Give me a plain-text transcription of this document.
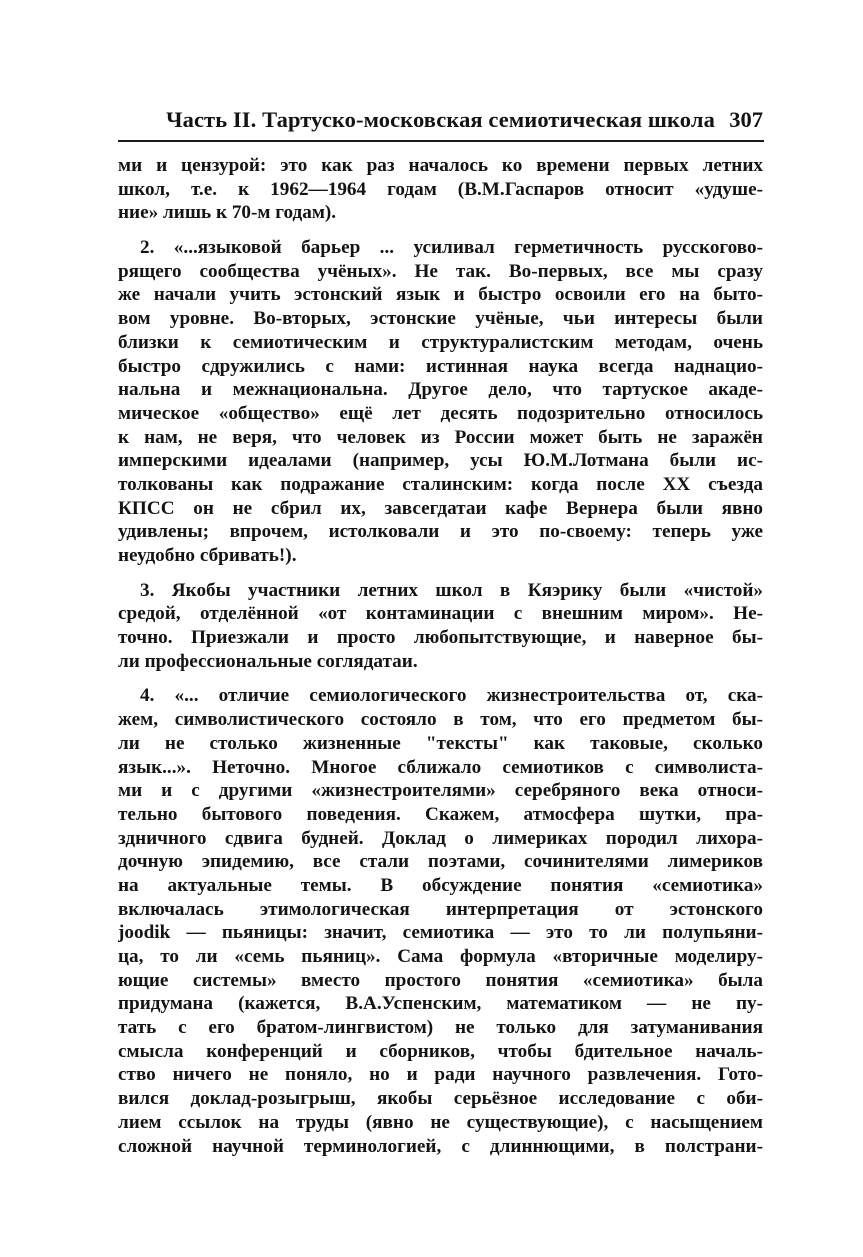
Часть II. Тартуско-московская семиотическая школа 307
ми и цензурой: это как раз началось ко времени первых летних
школ, т.е. к 1962—1964 годам (В.М.Гаспаров относит «удуше-
ние» лишь к 70-м годам).
2. «...языковой барьер ... усиливал герметичность русскогово-
рящего сообщества учёных». Не так. Во-первых, все мы сразу
же начали учить эстонский язык и быстро освоили его на быто-
вом уровне. Во-вторых, эстонские учёные, чьи интересы были
близки к семиотическим и структуралистским методам, очень
быстро сдружились с нами: истинная наука всегда наднацио-
нальна и межнациональна. Другое дело, что тартуское акаде-
мическое «общество» ещё лет десять подозрительно относилось
к нам, не веря, что человек из России может быть не заражён
имперскими идеалами (например, усы Ю.М.Лотмана были ис-
толкованы как подражание сталинским: когда после XX съезда
КПСС он не сбрил их, завсегдатаи кафе Вернера были явно
удивлены; впрочем, истолковали и это по-своему: теперь уже
неудобно сбривать!).
3. Якобы участники летних школ в Кяэрику были «чистой»
средой, отделённой «от контаминации с внешним миром». Не-
точно. Приезжали и просто любопытствующие, и наверное бы-
ли профессиональные соглядатаи.
4. «... отличие семиологического жизнестроительства от, ска-
жем, символистического состояло в том, что его предметом бы-
ли не столько жизненные "тексты" как таковые, сколько
язык...». Неточно. Многое сближало семиотиков с символиста-
ми и с другими «жизнестроителями» серебряного века относи-
тельно бытового поведения. Скажем, атмосфера шутки, пра-
здничного сдвига будней. Доклад о лимериках породил лихора-
дочную эпидемию, все стали поэтами, сочинителями лимериков
на актуальные темы. В обсуждение понятия «семиотика»
включалась этимологическая интерпретация от эстонского
joodik — пьяницы: значит, семиотика — это то ли полупьяни-
ца, то ли «семь пьяниц». Сама формула «вторичные моделиру-
ющие системы» вместо простого понятия «семиотика» была
придумана (кажется, В.А.Успенским, математиком — не пу-
тать с его братом-лингвистом) не только для затуманивания
смысла конференций и сборников, чтобы бдительное началь-
ство ничего не поняло, но и ради научного развлечения. Гото-
вился доклад-розыгрыш, якобы серьёзное исследование с оби-
лием ссылок на труды (явно не существующие), с насыщением
сложной научной терминологией, с длиннющими, в полстрани-
